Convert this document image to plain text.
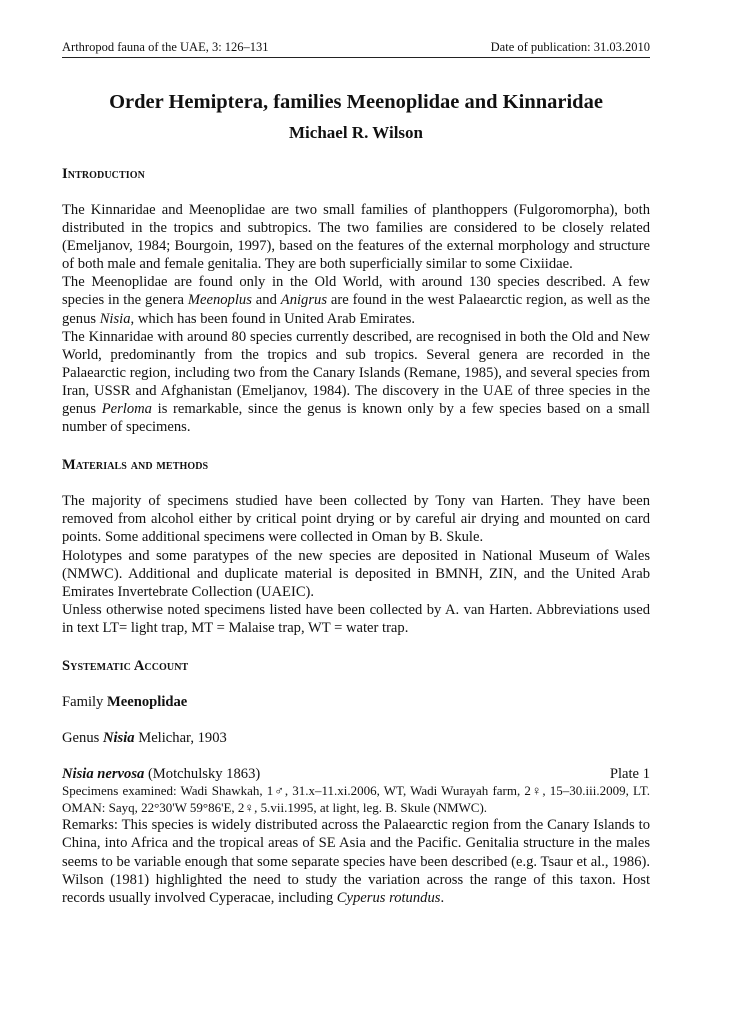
Arthropod fauna of the UAE, 3: 126–131	Date of publication: 31.03.2010
Order Hemiptera, families Meenoplidae and Kinnaridae
Michael R. Wilson
Introduction

The Kinnaridae and Meenoplidae are two small families of planthoppers (Fulgoromorpha), both distributed in the tropics and subtropics. The two families are considered to be closely related (Emeljanov, 1984; Bourgoin, 1997), based on the features of the external morphology and structure of both male and female genitalia. They are both superficially similar to some Cixiidae.

The Meenoplidae are found only in the Old World, with around 130 species described. A few species in the genera Meenoplus and Anigrus are found in the west Palaearctic region, as well as the genus Nisia, which has been found in United Arab Emirates.

The Kinnaridae with around 80 species currently described, are recognised in both the Old and New World, predominantly from the tropics and sub tropics. Several genera are recorded in the Palaearctic region, including two from the Canary Islands (Remane, 1985), and several species from Iran, USSR and Afghanistan (Emeljanov, 1984). The discovery in the UAE of three species in the genus Perloma is remarkable, since the genus is known only by a few species based on a small number of specimens.

Materials and methods

The majority of specimens studied have been collected by Tony van Harten. They have been removed from alcohol either by critical point drying or by careful air drying and mounted on card points. Some additional specimens were collected in Oman by B. Skule.

Holotypes and some paratypes of the new species are deposited in National Museum of Wales (NMWC). Additional and duplicate material is deposited in BMNH, ZIN, and the United Arab Emirates Invertebrate Collection (UAEIC).

Unless otherwise noted specimens listed have been collected by A. van Harten. Abbreviations used in text LT= light trap, MT = Malaise trap, WT = water trap.

Systematic Account
Family Meenoplidae
Genus Nisia Melichar, 1903
Nisia nervosa (Motchulsky 1863)	Plate 1

Specimens examined: Wadi Shawkah, 1♂, 31.x–11.xi.2006, WT, Wadi Wurayah farm, 2♀, 15–30.iii.2009, LT. OMAN: Sayq, 22°30'W 59°86'E, 2♀, 5.vii.1995, at light, leg. B. Skule (NMWC).

Remarks: This species is widely distributed across the Palaearctic region from the Canary Islands to China, into Africa and the tropical areas of SE Asia and the Pacific. Genitalia structure in the males seems to be variable enough that some separate species have been described (e.g. Tsaur et al., 1986). Wilson (1981) highlighted the need to study the variation across the range of this taxon. Host records usually involved Cyperacae, including Cyperus rotundus.
